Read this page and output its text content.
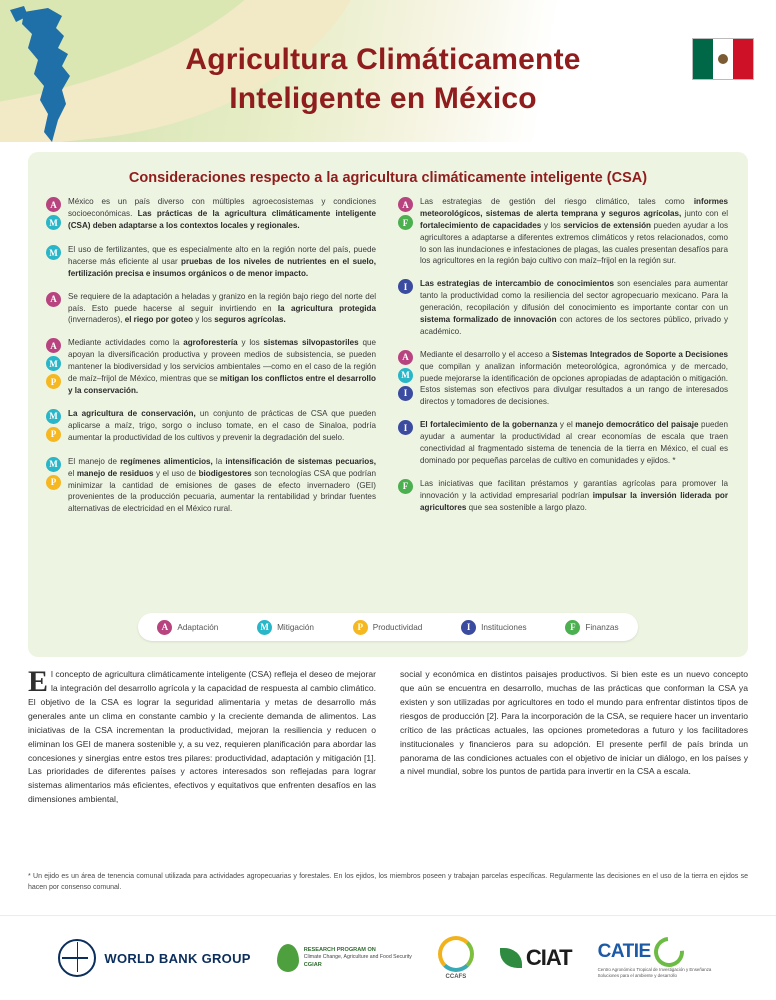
Agricultura Climáticamente
Inteligente en México
Consideraciones respecto a la agricultura climáticamente inteligente (CSA)
A
M
México es un país diverso con múltiples agroecosistemas y condiciones socioeconómicas. Las prácticas de la agricultura climáticamente inteligente (CSA) deben adaptarse a los contextos locales y regionales.
M	El uso de fertilizantes, que es especialmente alto en la región norte del país, puede hacerse más eficiente al usar pruebas de los niveles de nutrientes en el suelo, fertilización precisa e insumos orgánicos o de menor impacto.
A	Se requiere de la adaptación a heladas y granizo en la región bajo riego del norte del país. Esto puede hacerse al seguir invirtiendo en la agricultura protegida (invernaderos), el riego por goteo y los seguros agrícolas.
A
M
P
Mediante actividades como la agroforestería y los sistemas silvopastoriles que apoyan la diversificación productiva y proveen medios de subsistencia, se pueden mantener la biodiversidad y los servicios ambientales —como en el caso de la región de maíz–frijol de México, mientras que se mitigan los conflictos entre el desarrollo y la conservación.
M
P
La agricultura de conservación, un conjunto de prácticas de CSA que pueden aplicarse a maíz, trigo, sorgo o incluso tomate, en el caso de Sinaloa, podría aumentar la productividad de los cultivos y prevenir la degradación del suelo.
M
P
El manejo de regímenes alimenticios, la intensificación de sistemas pecuarios, el manejo de residuos y el uso de biodigestores son tecnologías CSA que podrían minimizar la cantidad de emisiones de gases de efecto invernadero (GEI) provenientes de la producción pecuaria, aumentar la rentabilidad y brindar fuentes alternativas de electricidad en el México rural.
A
F
Las estrategias de gestión del riesgo climático, tales como informes meteorológicos, sistemas de alerta temprana y seguros agrícolas, junto con el fortalecimiento de capacidades y los servicios de extensión pueden ayudar a los agricultores a adaptarse a diferentes extremos climáticos y retos relacionados, como lo son las inundaciones e infestaciones de plagas, las cuales presentan desafíos para los agricultores en la región bajo cultivo con maíz–frijol en la región sur.
I	Las estrategias de intercambio de conocimientos son esenciales para aumentar tanto la productividad como la resiliencia del sector agropecuario mexicano. Para la generación, recopilación y difusión del conocimiento es importante contar con un sistema formalizado de innovación con actores de los sectores público, privado y académico.
A
M
I
Mediante el desarrollo y el acceso a Sistemas Integrados de Soporte a Decisiones que compilan y analizan información meteorológica, agronómica y de mercado, puede mejorarse la identificación de opciones apropiadas de adaptación o mitigación. Estos sistemas son efectivos para divulgar resultados a un rango de interesados directos y tomadores de decisiones.
I	El fortalecimiento de la gobernanza y el manejo democrático del paisaje pueden ayudar a aumentar la productividad al crear economías de escala que traen conectividad al fragmentado sistema de tenencia de la tierra en México, el cual es dominado por pequeñas parcelas de cultivo en comunidades y ejidos. *
F	Las iniciativas que facilitan préstamos y garantías agrícolas para promover la innovación y la actividad empresarial podrían impulsar la inversión liderada por agricultores que sea sostenible a largo plazo.
A	Adaptación	M	Mitigación	P	Productividad	I	Instituciones	F	Finanzas
El concepto de agricultura climáticamente inteligente (CSA) refleja el deseo de mejorar la integración del desarrollo agrícola y la capacidad de respuesta al cambio climático. El objetivo de la CSA es lograr la seguridad alimentaria y metas de desarrollo más generales ante un clima en constante cambio y la creciente demanda de alimentos. Las iniciativas de la CSA incrementan la productividad, mejoran la resiliencia y reducen o eliminan los GEI de manera sostenible y, a su vez, requieren planificación para abordar las concesiones y sinergias entre estos tres pilares: productividad, adaptación y mitigación [1]. Las prioridades de diferentes países y actores interesados son reflejadas para lograr sistemas alimentarios más eficientes, efectivos y equitativos que enfrenten desafíos en las dimensiones ambiental,
social y económica en distintos paisajes productivos. Si bien este es un nuevo concepto que aún se encuentra en desarrollo, muchas de las prácticas que conforman la CSA ya existen y son utilizadas por agricultores en todo el mundo para enfrentar distintos tipos de riesgos de producción [2]. Para la incorporación de la CSA, se requiere hacer un inventario crítico de las prácticas actuales, las opciones prometedoras a futuro y los facilitadores institucionales y financieros para su adopción. El presente perfil de país brinda un panorama de las condiciones actuales con el objetivo de iniciar un diálogo, en los países y a nivel mundial, sobre los puntos de partida para invertir en la CSA a escala.
* Un ejido es un área de tenencia comunal utilizada para actividades agropecuarias y forestales. En los ejidos, los miembros poseen y trabajan parcelas específicas. Regularmente las decisiones en el uso de la tierra en ejidos se hacen por consenso comunal.
WORLD BANK GROUP
RESEARCH PROGRAM ON
Climate Change, Agriculture and Food Security
CGIAR
CCAFS
CIAT CATIE
Centro Agronómico Tropical de Investigación y Enseñanza Soluciones para el ambiente y desarrollo
